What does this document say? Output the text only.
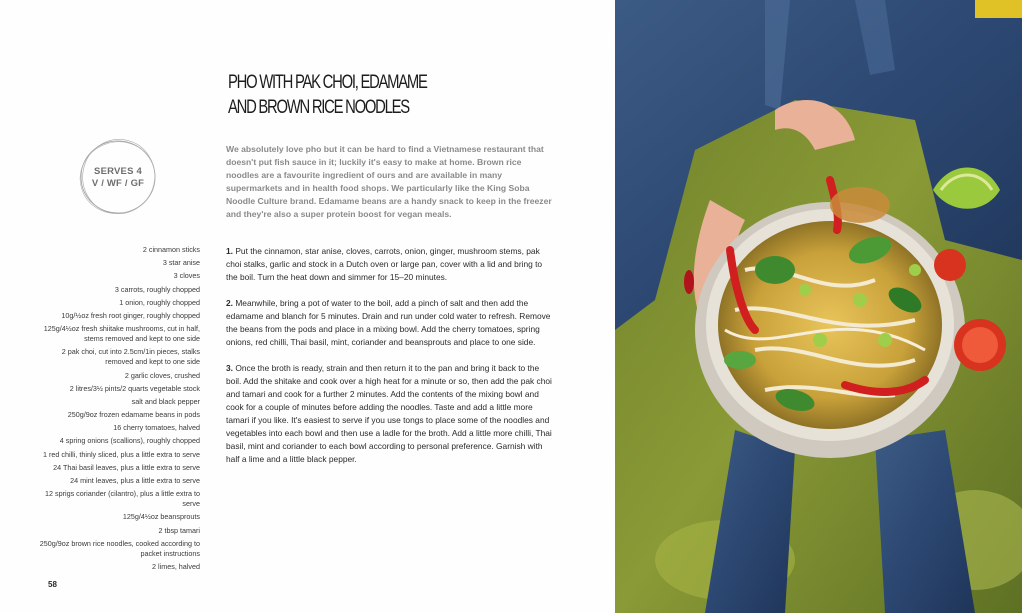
PHO WITH PAK CHOI, EDAMAME
AND BROWN RICE NOODLES
SERVES 4
V / WF / GF

We absolutely love pho but it can be hard to find a Vietnamese restaurant that doesn't put fish sauce in it; luckily it's easy to make at home. Brown rice noodles are a favourite ingredient of ours and are available in many supermarkets and in health food shops. We particularly like the King Soba Noodle Culture brand. Edamame beans are a handy snack to keep in the freezer and they're also a super protein boost for vegan meals.

2 cinnamon sticks
3 star anise
3 cloves
3 carrots, roughly chopped
1 onion, roughly chopped
10g/½oz fresh root ginger, roughly chopped
125g/4½oz fresh shiitake mushrooms, cut in half, stems removed and kept to one side
2 pak choi, cut into 2.5cm/1in pieces, stalks removed and kept to one side
2 garlic cloves, crushed
2 litres/3½ pints/2 quarts vegetable stock
salt and black pepper
250g/9oz frozen edamame beans in pods
16 cherry tomatoes, halved
4 spring onions (scallions), roughly chopped
1 red chilli, thinly sliced, plus a little extra to serve
24 Thai basil leaves, plus a little extra to serve
24 mint leaves, plus a little extra to serve
12 sprigs coriander (cilantro), plus a little extra to serve
125g/4½oz beansprouts
2 tbsp tamari
250g/9oz brown rice noodles, cooked according to packet instructions
2 limes, halved

1. Put the cinnamon, star anise, cloves, carrots, onion, ginger, mushroom stems, pak choi stalks, garlic and stock in a Dutch oven or large pan, cover with a lid and bring to the boil. Turn the heat down and simmer for 15–20 minutes.

2. Meanwhile, bring a pot of water to the boil, add a pinch of salt and then add the edamame and blanch for 5 minutes. Drain and run under cold water to refresh. Remove the beans from the pods and place in a mixing bowl. Add the cherry tomatoes, spring onions, red chilli, Thai basil, mint, coriander and beansprouts and place to one side.

3. Once the broth is ready, strain and then return it to the pan and bring it back to the boil. Add the shitake and cook over a high heat for a minute or so, then add the pak choi and tamari and cook for a further 2 minutes. Add the contents of the mixing bowl and cook for a couple of minutes before adding the noodles. Taste and add a little more tamari if you like. It's easiest to serve if you use tongs to place some of the noodles and vegetables into each bowl and then use a ladle for the broth. Add a little more chilli, Thai basil, mint and coriander to each bowl according to personal preference. Garnish with half a lime and a little black pepper.

58
